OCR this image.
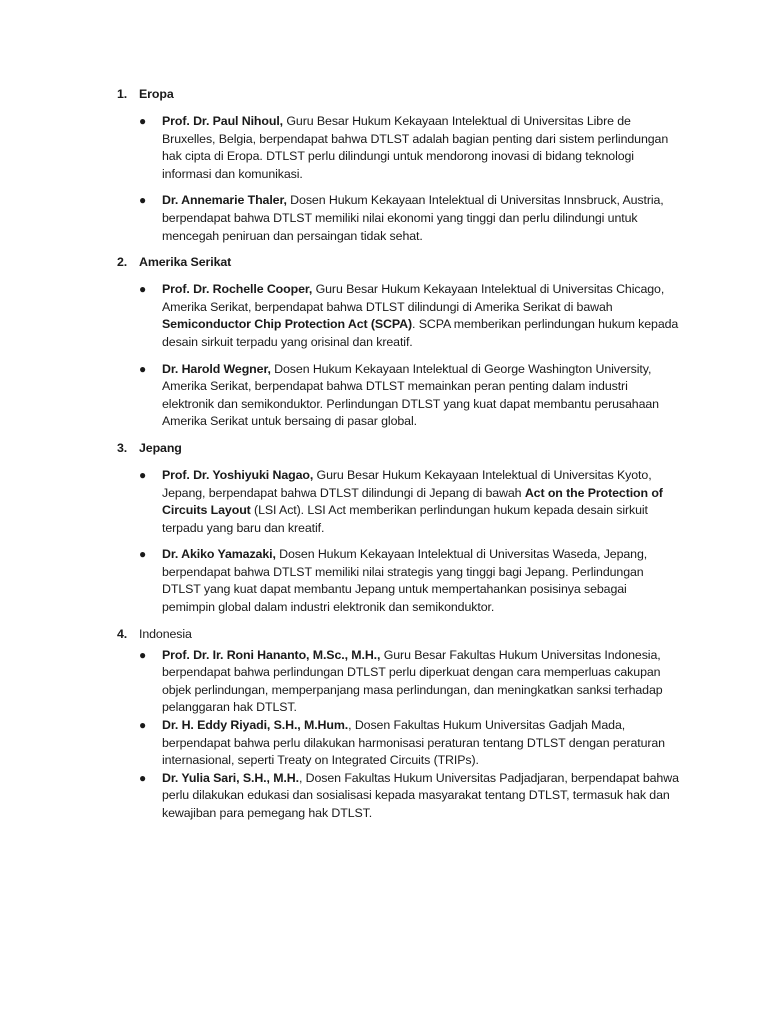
1. Eropa
● Prof. Dr. Paul Nihoul, Guru Besar Hukum Kekayaan Intelektual di Universitas Libre de Bruxelles, Belgia, berpendapat bahwa DTLST adalah bagian penting dari sistem perlindungan hak cipta di Eropa. DTLST perlu dilindungi untuk mendorong inovasi di bidang teknologi informasi dan komunikasi.
● Dr. Annemarie Thaler, Dosen Hukum Kekayaan Intelektual di Universitas Innsbruck, Austria, berpendapat bahwa DTLST memiliki nilai ekonomi yang tinggi dan perlu dilindungi untuk mencegah peniruan dan persaingan tidak sehat.
2. Amerika Serikat
● Prof. Dr. Rochelle Cooper, Guru Besar Hukum Kekayaan Intelektual di Universitas Chicago, Amerika Serikat, berpendapat bahwa DTLST dilindungi di Amerika Serikat di bawah Semiconductor Chip Protection Act (SCPA). SCPA memberikan perlindungan hukum kepada desain sirkuit terpadu yang orisinal dan kreatif.
● Dr. Harold Wegner, Dosen Hukum Kekayaan Intelektual di George Washington University, Amerika Serikat, berpendapat bahwa DTLST memainkan peran penting dalam industri elektronik dan semikonduktor. Perlindungan DTLST yang kuat dapat membantu perusahaan Amerika Serikat untuk bersaing di pasar global.
3. Jepang
● Prof. Dr. Yoshiyuki Nagao, Guru Besar Hukum Kekayaan Intelektual di Universitas Kyoto, Jepang, berpendapat bahwa DTLST dilindungi di Jepang di bawah Act on the Protection of Circuits Layout (LSI Act). LSI Act memberikan perlindungan hukum kepada desain sirkuit terpadu yang baru dan kreatif.
● Dr. Akiko Yamazaki, Dosen Hukum Kekayaan Intelektual di Universitas Waseda, Jepang, berpendapat bahwa DTLST memiliki nilai strategis yang tinggi bagi Jepang. Perlindungan DTLST yang kuat dapat membantu Jepang untuk mempertahankan posisinya sebagai pemimpin global dalam industri elektronik dan semikonduktor.
4. Indonesia
● Prof. Dr. Ir. Roni Hananto, M.Sc., M.H., Guru Besar Fakultas Hukum Universitas Indonesia, berpendapat bahwa perlindungan DTLST perlu diperkuat dengan cara memperluas cakupan objek perlindungan, memperpanjang masa perlindungan, dan meningkatkan sanksi terhadap pelanggaran hak DTLST.
● Dr. H. Eddy Riyadi, S.H., M.Hum., Dosen Fakultas Hukum Universitas Gadjah Mada, berpendapat bahwa perlu dilakukan harmonisasi peraturan tentang DTLST dengan peraturan internasional, seperti Treaty on Integrated Circuits (TRIPs).
● Dr. Yulia Sari, S.H., M.H., Dosen Fakultas Hukum Universitas Padjadjaran, berpendapat bahwa perlu dilakukan edukasi dan sosialisasi kepada masyarakat tentang DTLST, termasuk hak dan kewajiban para pemegang hak DTLST.
